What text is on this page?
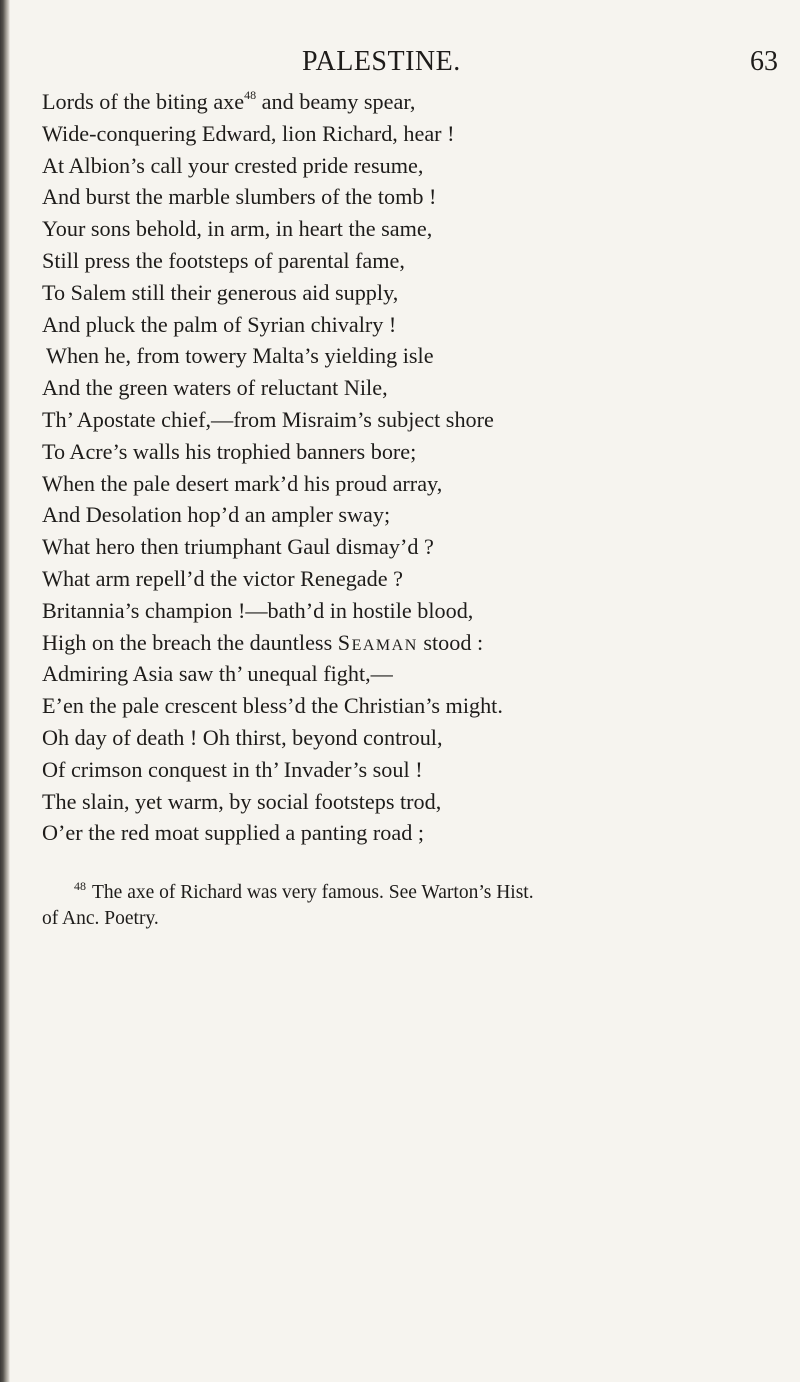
PALESTINE.	63
Lords of the biting axe$^{48}$ and beamy spear,
Wide-conquering Edward, lion Richard, hear !
At Albion’s call your crested pride resume,
And burst the marble slumbers of the tomb !
Your sons behold, in arm, in heart the same,
Still press the footsteps of parental fame,
To Salem still their generous aid supply,
And pluck the palm of Syrian chivalry !
When he, from towery Malta’s yielding isle
And the green waters of reluctant Nile,
Th’ Apostate chief,—from Misraim’s subject shore
To Acre’s walls his trophied banners bore;
When the pale desert mark’d his proud array,
And Desolation hop’d an ampler sway;
What hero then triumphant Gaul dismay’d ?
What arm repell’d the victor Renegade ?
Britannia’s champion !—bath’d in hostile blood,
High on the breach the dauntless Seaman stood :
Admiring Asia saw th’ unequal fight,—
E’en the pale crescent bless’d the Christian’s might.
Oh day of death ! Oh thirst, beyond controul,
Of crimson conquest in th’ Invader’s soul !
The slain, yet warm, by social footsteps trod,
O’er the red moat supplied a panting road ;
$^{48}$ The axe of Richard was very famous. See Warton’s Hist.
of Anc. Poetry.
